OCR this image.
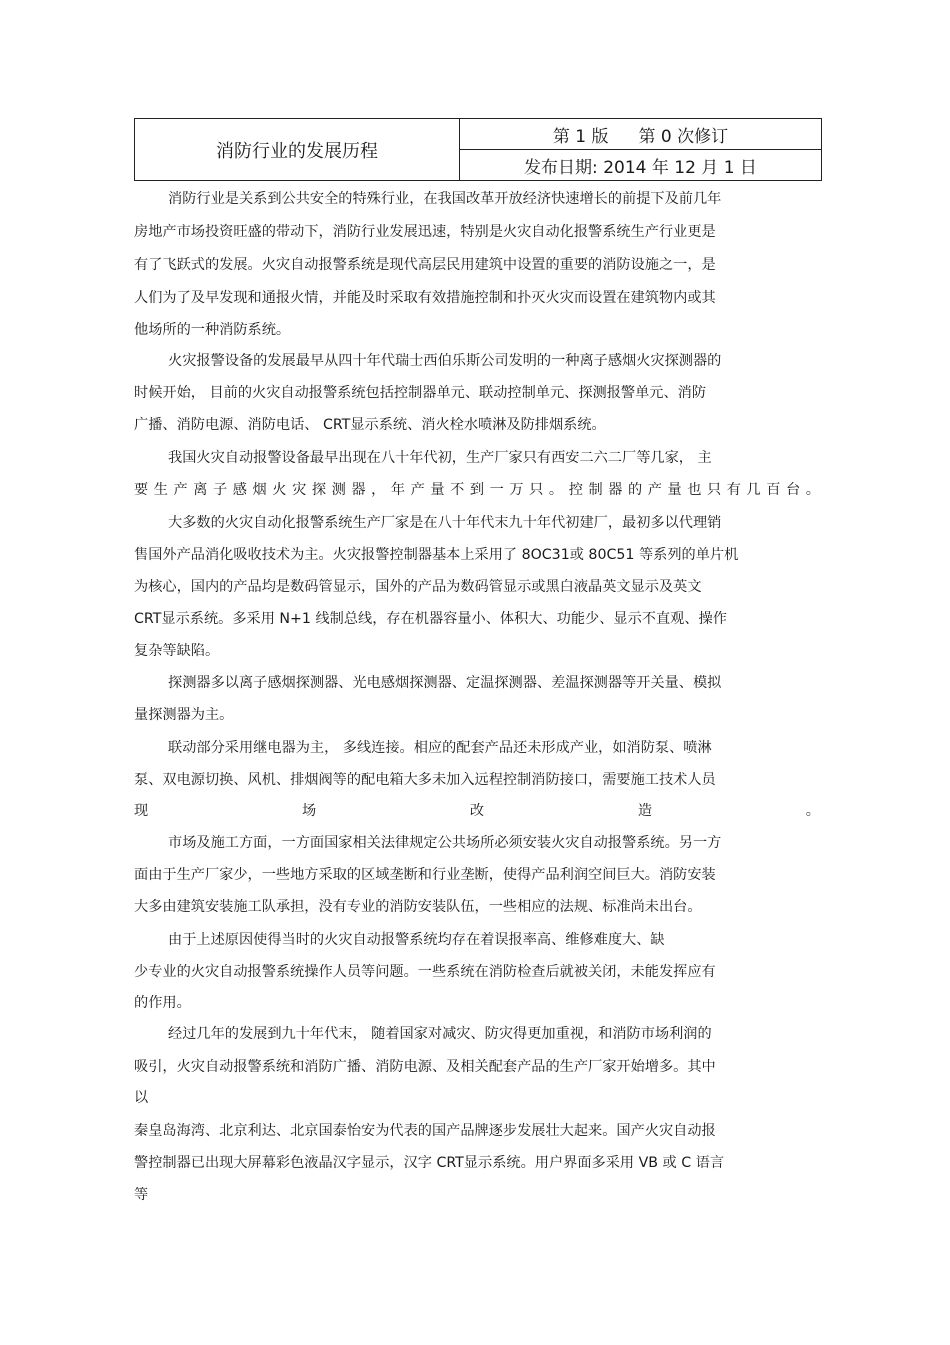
消防行业的发展历程
第 1 版 第 0 次修订
发布日期: 2014 年 12 月 1 日
消防行业是关系到公共安全的特殊行业，在我国改革开放经济快速增长的前提下及前几年
房地产市场投资旺盛的带动下，消防行业发展迅速，特别是火灾自动化报警系统生产行业更是
有了飞跃式的发展。火灾自动报警系统是现代高层民用建筑中设置的重要的消防设施之一，是
人们为了及早发现和通报火情，并能及时采取有效措施控制和扑灭火灾而设置在建筑物内或其
他场所的一种消防系统。
火灾报警设备的发展最早从四十年代瑞士西伯乐斯公司发明的一种离子感烟火灾探测器的
时候开始， 目前的火灾自动报警系统包括控制器单元、联动控制单元、探测报警单元、消防
广播、消防电源、消防电话、 CRT显示系统、消火栓水喷淋及防排烟系统。
我国火灾自动报警设备最早出现在八十年代初，生产厂家只有西安二六二厂等几家， 主
要生产离子感烟火灾探测器，年产量不到一万只。控制器的产量也只有几百台。
大多数的火灾自动化报警系统生产厂家是在八十年代末九十年代初建厂，最初多以代理销
售国外产品消化吸收技术为主。火灾报警控制器基本上采用了 8OC31或 80C51 等系列的单片机
为核心，国内的产品均是数码管显示，国外的产品为数码管显示或黑白液晶英文显示及英文
CRT显示系统。多采用 N+1 线制总线，存在机器容量小、体积大、功能少、显示不直观、操作
复杂等缺陷。
探测器多以离子感烟探测器、光电感烟探测器、定温探测器、差温探测器等开关量、模拟
量探测器为主。
联动部分采用继电器为主， 多线连接。相应的配套产品还未形成产业，如消防泵、喷淋
泵、双电源切换、风机、排烟阀等的配电箱大多未加入远程控制消防接口，需要施工技术人员
现	场	改	造	。
市场及施工方面，一方面国家相关法律规定公共场所必须安装火灾自动报警系统。另一方
面由于生产厂家少，一些地方采取的区域垄断和行业垄断，使得产品利润空间巨大。消防安装
大多由建筑安装施工队承担，没有专业的消防安装队伍，一些相应的法规、标准尚未出台。
由于上述原因使得当时的火灾自动报警系统均存在着误报率高、维修难度大、缺
少专业的火灾自动报警系统操作人员等问题。一些系统在消防检查后就被关闭，未能发挥应有
的作用。
经过几年的发展到九十年代末， 随着国家对减灾、防灾得更加重视，和消防市场利润的
吸引，火灾自动报警系统和消防广播、消防电源、及相关配套产品的生产厂家开始增多。其中
以
秦皇岛海湾、北京利达、北京国泰怡安为代表的国产品牌逐步发展壮大起来。国产火灾自动报
警控制器已出现大屏幕彩色液晶汉字显示，汉字 CRT显示系统。用户界面多采用 VB 或 C 语言
等
